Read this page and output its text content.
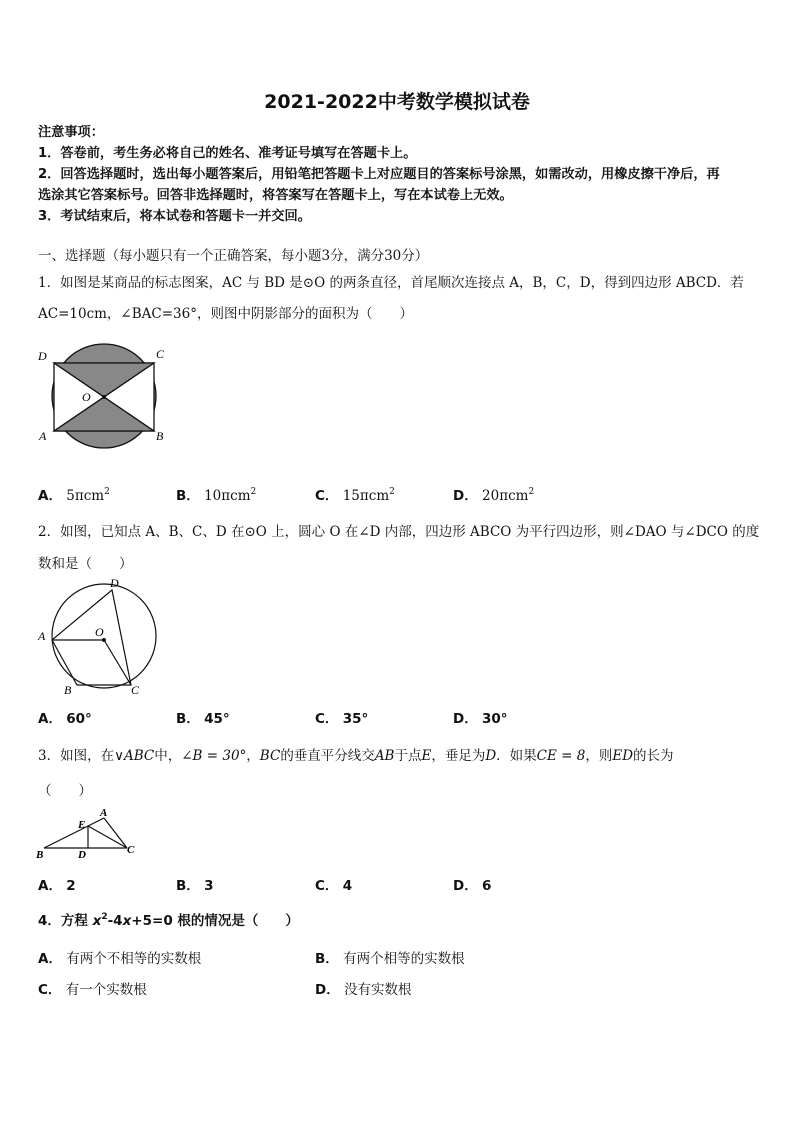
2021-2022中考数学模拟试卷
注意事项：
1．答卷前，考生务必将自己的姓名、准考证号填写在答题卡上。
2．回答选择题时，选出每小题答案后，用铅笔把答题卡上对应题目的答案标号涂黑，如需改动，用橡皮擦干净后，再
选涂其它答案标号。回答非选择题时，将答案写在答题卡上，写在本试卷上无效。
3．考试结束后，将本试卷和答题卡一并交回。
一、选择题（每小题只有一个正确答案，每小题3分，满分30分）
1．如图是某商品的标志图案，AC 与 BD 是⊙O 的两条直径，首尾顺次连接点 A，B，C，D，得到四边形 ABCD．若
AC=10cm，∠BAC=36°，则图中阴影部分的面积为（　　）
D	C
O
A	B
A． 5πcm$^2$	B． 10πcm$^2$	C． 15πcm$^2$	D． 20πcm$^2$
2．如图，已知点 A、B、C、D 在⊙O 上，圆心 O 在∠D 内部，四边形 ABCO 为平行四边形，则∠DAO 与∠DCO 的度
数和是（　　）
D
A	O
B	C
A． 60°	B． 45°	C． 35°	D． 30°
3．如图，在∨ABC中，∠B = 30°，BC的垂直平分线交AB于点E，垂足为D．如果CE = 8，则ED的长为
（　　）
A
E
B	D	C
A． 2	B． 3	C． 4	D． 6
4．方程 $x^2-4x+5=0$ 根的情况是（　　）
A． 有两个不相等的实数根	B． 有两个相等的实数根
C． 有一个实数根	D． 没有实数根
